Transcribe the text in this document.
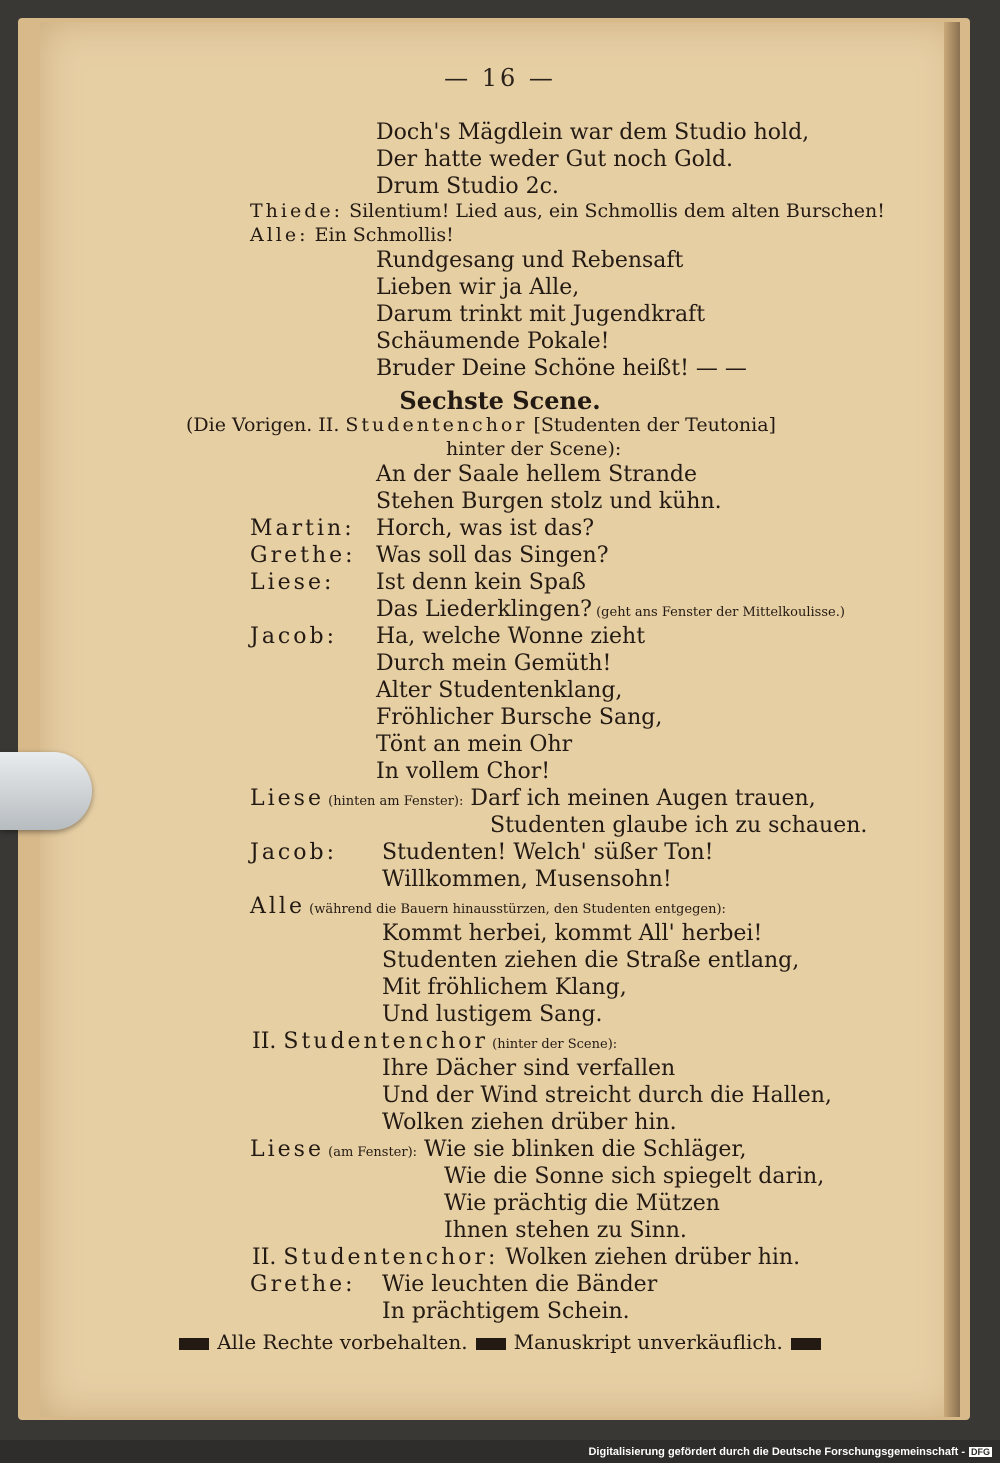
— 16 —
Doch's Mägdlein war dem Studio hold,
Der hatte weder Gut noch Gold.
Drum Studio 2c.
Thiede: Silentium! Lied aus, ein Schmollis dem alten Burschen!
Alle: Ein Schmollis!
Rundgesang und Rebensaft
Lieben wir ja Alle,
Darum trinkt mit Jugendkraft
Schäumende Pokale!
Bruder Deine Schöne heißt! — —
Sechste Scene.
(Die Vorigen. II. Studentenchor [Studenten der Teutonia]
hinter der Scene):
An der Saale hellem Strande
Stehen Burgen stolz und kühn.
Martin: Horch, was ist das?
Grethe: Was soll das Singen?
Liese: Ist denn kein Spaß
Das Liederklingen? (geht ans Fenster der Mittelkoulisse.)
Jacob: Ha, welche Wonne zieht
Durch mein Gemüth!
Alter Studentenklang,
Fröhlicher Bursche Sang,
Tönt an mein Ohr
In vollem Chor!
Liese (hinten am Fenster): Darf ich meinen Augen trauen,
Studenten glaube ich zu schauen.
Jacob: Studenten! Welch' süßer Ton!
Willkommen, Musensohn!
Alle (während die Bauern hinausstürzen, den Studenten entgegen):
Kommt herbei, kommt All' herbei!
Studenten ziehen die Straße entlang,
Mit fröhlichem Klang,
Und lustigem Sang.
II. Studentenchor (hinter der Scene):
Ihre Dächer sind verfallen
Und der Wind streicht durch die Hallen,
Wolken ziehen drüber hin.
Liese (am Fenster): Wie sie blinken die Schläger,
Wie die Sonne sich spiegelt darin,
Wie prächtig die Mützen
Ihnen stehen zu Sinn.
II. Studentenchor: Wolken ziehen drüber hin.
Grethe: Wie leuchten die Bänder
In prächtigem Schein.
Alle Rechte vorbehalten. Manuskript unverkäuflich.
Digitalisierung gefördert durch die Deutsche Forschungsgemeinschaft - DFG
